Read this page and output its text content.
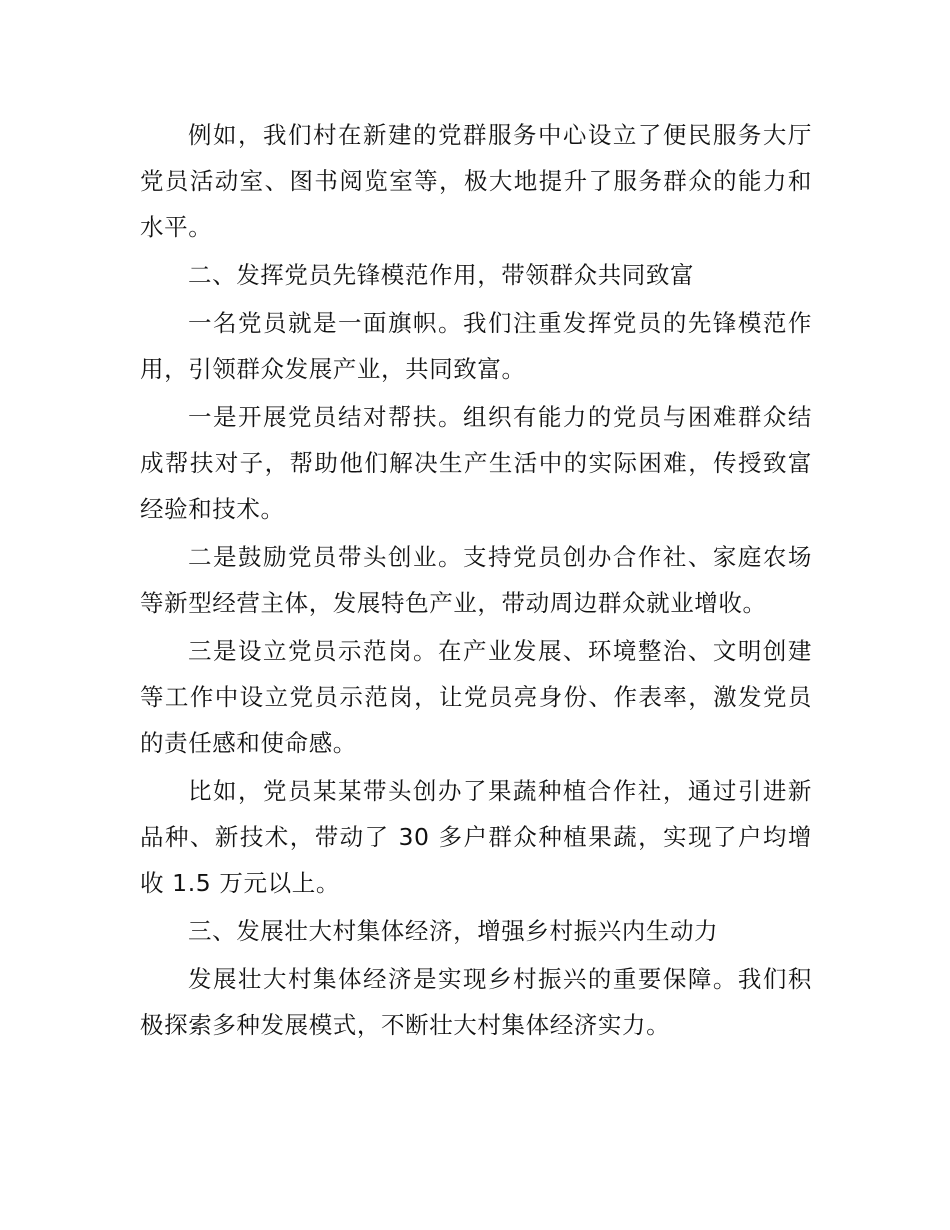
例如，我们村在新建的党群服务中心设立了便民服务大厅党员活动室、图书阅览室等，极大地提升了服务群众的能力和水平。

二、发挥党员先锋模范作用，带领群众共同致富

一名党员就是一面旗帜。我们注重发挥党员的先锋模范作用，引领群众发展产业，共同致富。

一是开展党员结对帮扶。组织有能力的党员与困难群众结成帮扶对子，帮助他们解决生产生活中的实际困难，传授致富经验和技术。

二是鼓励党员带头创业。支持党员创办合作社、家庭农场等新型经营主体，发展特色产业，带动周边群众就业增收。

三是设立党员示范岗。在产业发展、环境整治、文明创建等工作中设立党员示范岗，让党员亮身份、作表率，激发党员的责任感和使命感。

比如，党员某某带头创办了果蔬种植合作社，通过引进新品种、新技术，带动了 30 多户群众种植果蔬，实现了户均增收 1.5 万元以上。

三、发展壮大村集体经济，增强乡村振兴内生动力

发展壮大村集体经济是实现乡村振兴的重要保障。我们积极探索多种发展模式，不断壮大村集体经济实力。
